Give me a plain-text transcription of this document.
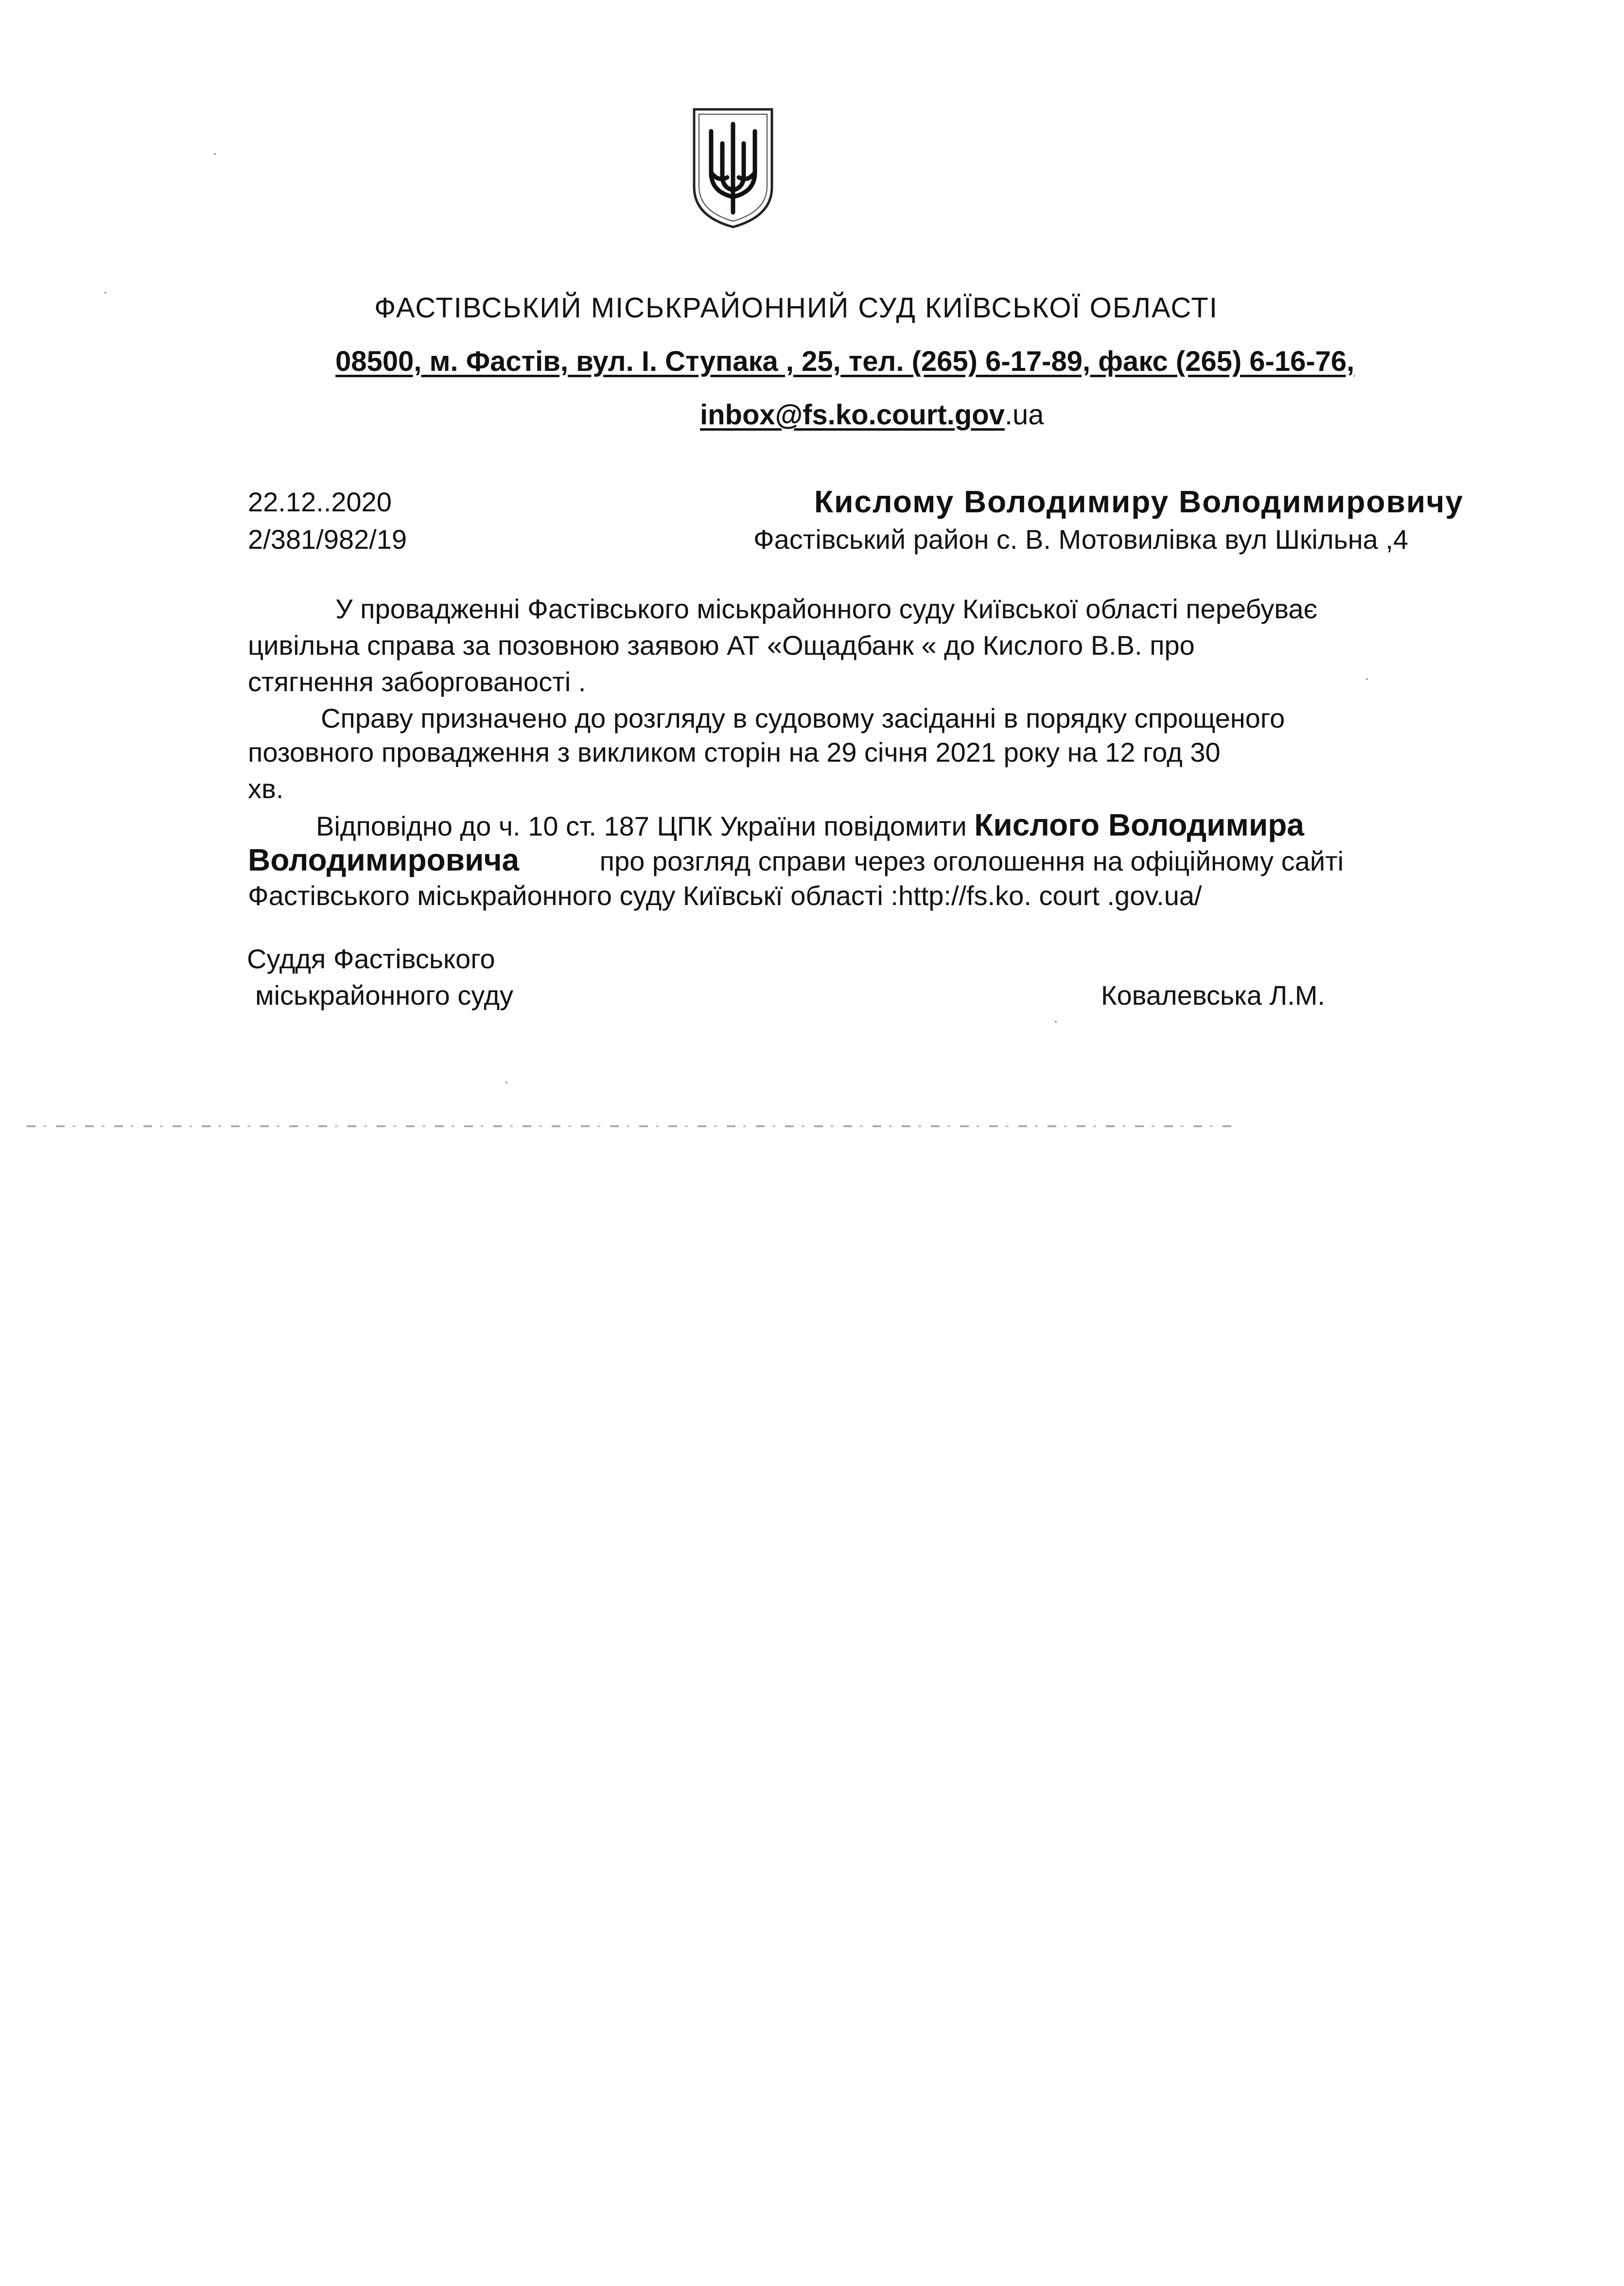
ФАСТІВСЬКИЙ МІСЬКРАЙОННИЙ СУД КИЇВСЬКОЇ ОБЛАСТІ
08500, м. Фастів, вул. І. Ступака , 25, тел. (265) 6-17-89, факс (265) 6-16-76,
inbox@fs.ko.court.gov.ua
22.12..2020
2/381/982/19
Кислому Володимиру Володимировичу
Фастівський район с. В. Мотовилівка вул Шкільна ,4
У провадженні Фастівського міськрайонного суду Київської області перебуває
цивільна справа за позовною заявою АТ «Ощадбанк « до Кислого В.В. про
стягнення заборгованості .
Справу призначено до розгляду в судовому засіданні в порядку спрощеного
позовного провадження з викликом сторін на 29 січня 2021 року на 12 год 30
хв.
Відповідно до ч. 10 ст. 187 ЦПК України повідомити Кислого Володимира
Володимировича	про розгляд справи через оголошення на офіційному сайті
Фастівського міськрайонного суду Київськї області :http://fs.ko. court .gov.ua/
Суддя Фастівського
міськрайонного суду	Ковалевська Л.М.
